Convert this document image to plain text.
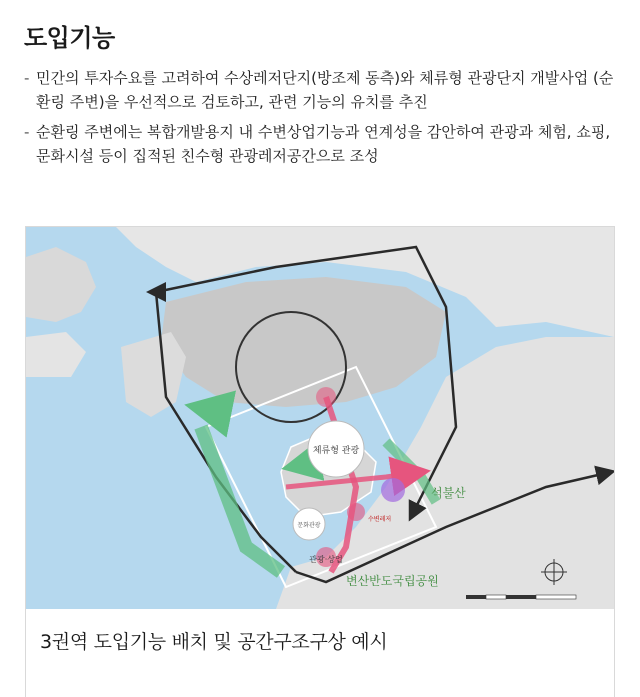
도입기능
- 민간의 투자수요를 고려하여 수상레저단지(방조제 동측)와 체류형 관광단지 개발사업 (순환링 주변)을 우선적으로 검토하고, 관련 기능의 유치를 추진
- 순환링 주변에는 복합개발용지 내 수변상업기능과 연계성을 감안하여 관광과 체험, 쇼핑, 문화시설 등이 집적된 친수형 관광레저공간으로 조성
체류형 관광
문화관광
수변레저
관광·상업
석불산
변산반도국립공원
3권역 도입기능 배치 및 공간구조구상 예시
